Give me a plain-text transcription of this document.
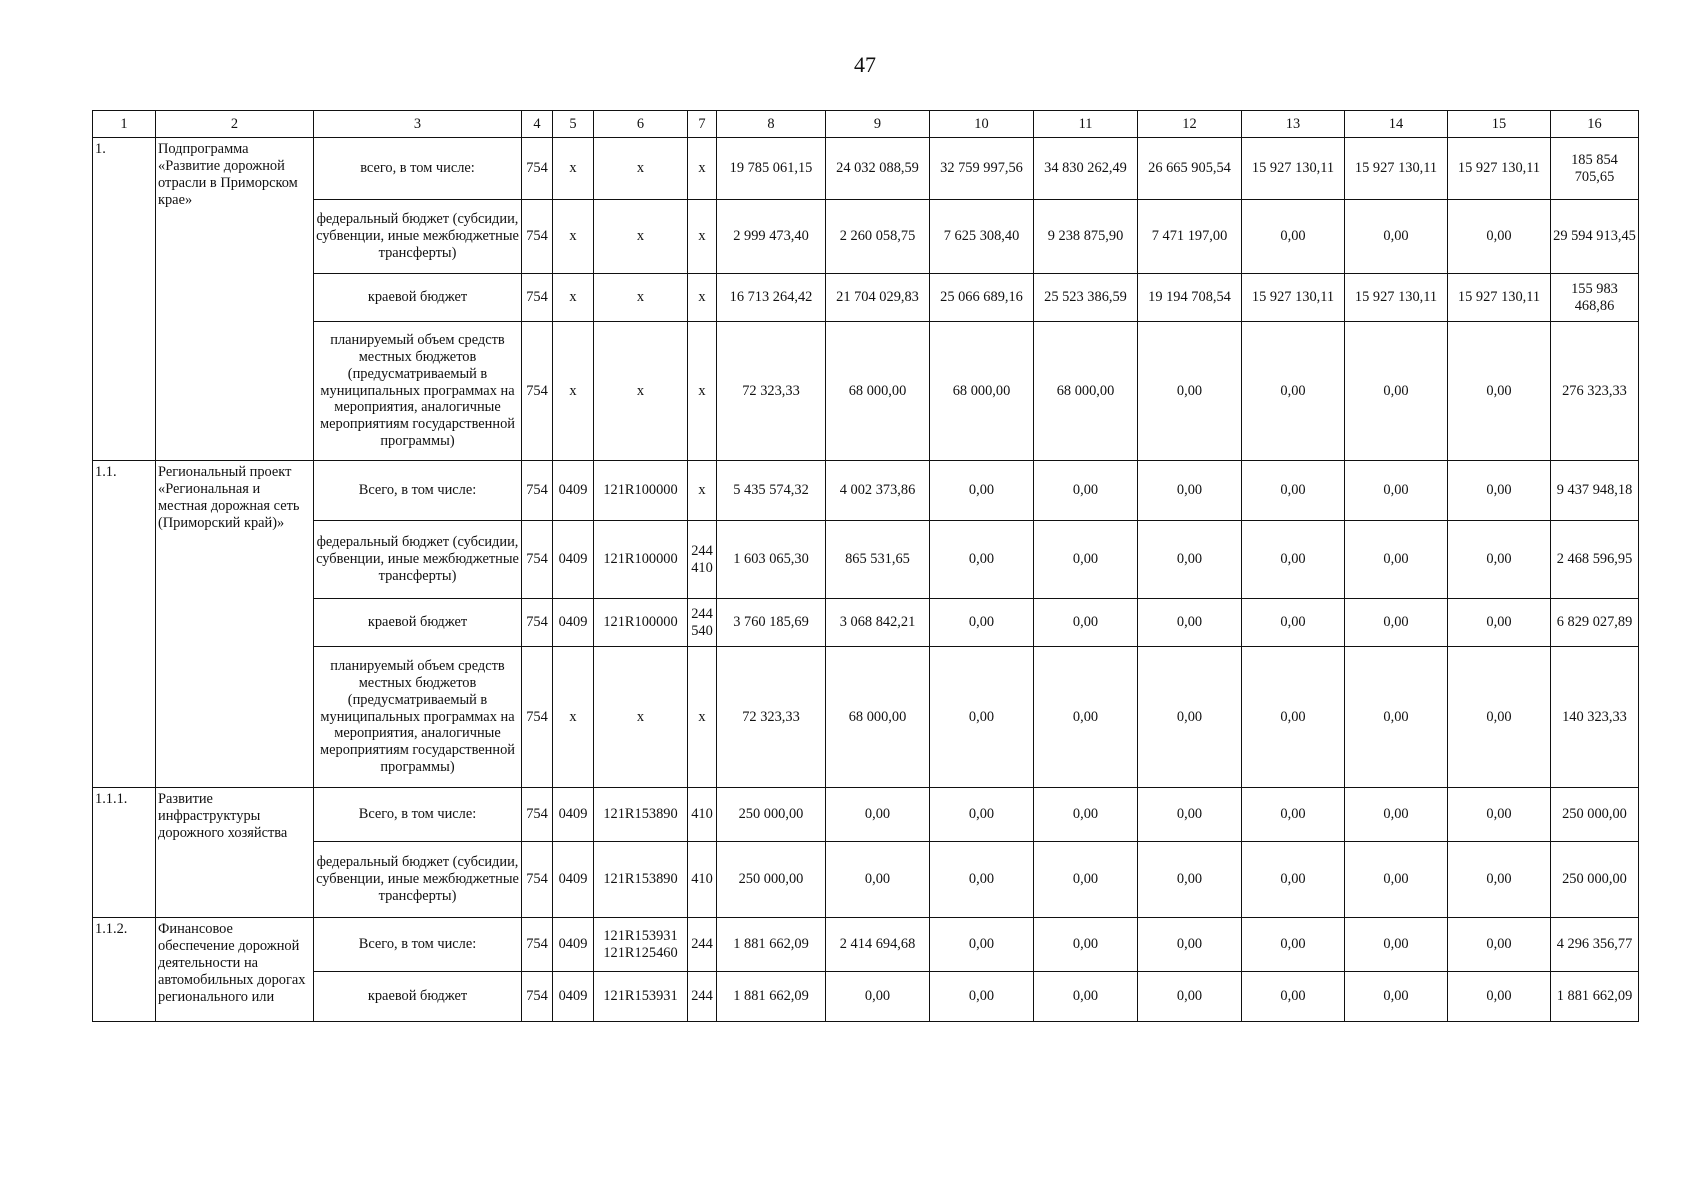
47
1	2	3	4	5	6	7	8	9	10	11	12	13	14	15	16
1.	Подпрограмма «Развитие дорожной отрасли в Приморском крае»	всего, в том числе:	754	х	х	х	19 785 061,15	24 032 088,59	32 759 997,56	34 830 262,49	26 665 905,54	15 927 130,11	15 927 130,11	15 927 130,11	185 854 705,65
		федеральный бюджет (субсидии, субвенции, иные межбюджетные трансферты)	754	х	х	х	2 999 473,40	2 260 058,75	7 625 308,40	9 238 875,90	7 471 197,00	0,00	0,00	0,00	29 594 913,45
		краевой бюджет	754	х	х	х	16 713 264,42	21 704 029,83	25 066 689,16	25 523 386,59	19 194 708,54	15 927 130,11	15 927 130,11	15 927 130,11	155 983 468,86
		планируемый объем средств местных бюджетов (предусматриваемый в муниципальных программах на мероприятия, аналогичные мероприятиям государственной программы)	754	х	х	х	72 323,33	68 000,00	68 000,00	68 000,00	0,00	0,00	0,00	0,00	276 323,33
1.1.	Региональный проект «Региональная и местная дорожная сеть (Приморский край)»	Всего, в том числе:	754	0409	121R100000	х	5 435 574,32	4 002 373,86	0,00	0,00	0,00	0,00	0,00	0,00	9 437 948,18
		федеральный бюджет (субсидии, субвенции, иные межбюджетные трансферты)	754	0409	121R100000	244 410	1 603 065,30	865 531,65	0,00	0,00	0,00	0,00	0,00	0,00	2 468 596,95
		краевой бюджет	754	0409	121R100000	244 540	3 760 185,69	3 068 842,21	0,00	0,00	0,00	0,00	0,00	0,00	6 829 027,89
		планируемый объем средств местных бюджетов (предусматриваемый в муниципальных программах на мероприятия, аналогичные мероприятиям государственной программы)	754	х	х	х	72 323,33	68 000,00	0,00	0,00	0,00	0,00	0,00	0,00	140 323,33
1.1.1.	Развитие инфраструктуры дорожного хозяйства	Всего, в том числе:	754	0409	121R153890	410	250 000,00	0,00	0,00	0,00	0,00	0,00	0,00	0,00	250 000,00
		федеральный бюджет (субсидии, субвенции, иные межбюджетные трансферты)	754	0409	121R153890	410	250 000,00	0,00	0,00	0,00	0,00	0,00	0,00	0,00	250 000,00
1.1.2.	Финансовое обеспечение дорожной деятельности на автомобильных дорогах регионального или	Всего, в том числе:	754	0409	121R153931 121R125460	244	1 881 662,09	2 414 694,68	0,00	0,00	0,00	0,00	0,00	0,00	4 296 356,77
		краевой бюджет	754	0409	121R153931	244	1 881 662,09	0,00	0,00	0,00	0,00	0,00	0,00	0,00	1 881 662,09
